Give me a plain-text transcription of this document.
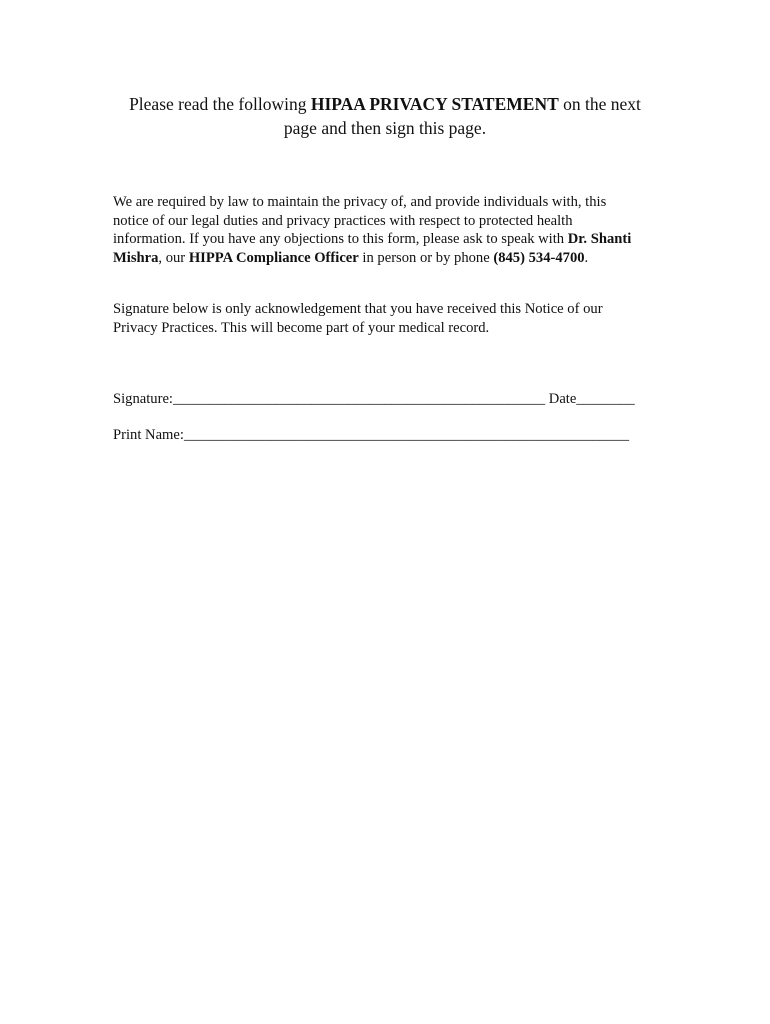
Please read the following HIPAA PRIVACY STATEMENT on the next
page and then sign this page.
We are required by law to maintain the privacy of, and provide individuals with, this
notice of our legal duties and privacy practices with respect to protected health
information. If you have any objections to this form, please ask to speak with Dr. Shanti
Mishra, our HIPPA Compliance Officer in person or by phone (845) 534-4700.
Signature below is only acknowledgement that you have received this Notice of our
Privacy Practices. This will become part of your medical record.
Signature:___________________________________________________ Date________
Print Name:_____________________________________________________________
